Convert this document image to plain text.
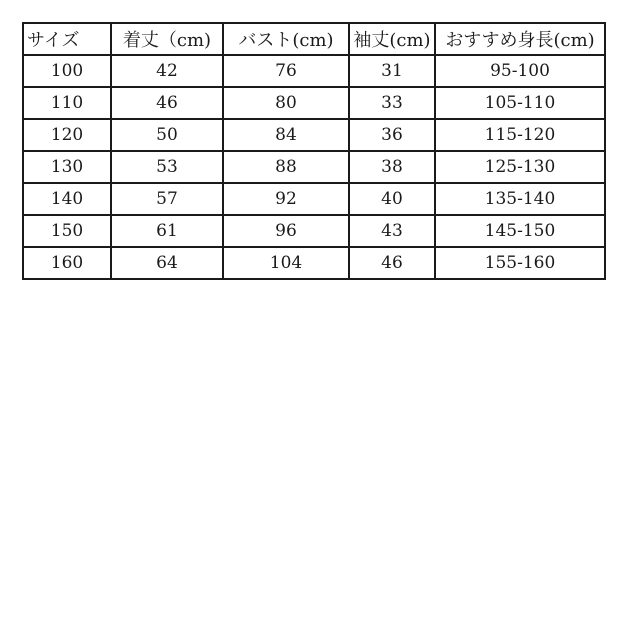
サイズ	着丈（cm)	バスト(cm)	袖丈(cm)	おすすめ身長(cm)
100	42	76	31	95-100
110	46	80	33	105-110
120	50	84	36	115-120
130	53	88	38	125-130
140	57	92	40	135-140
150	61	96	43	145-150
160	64	104	46	155-160
